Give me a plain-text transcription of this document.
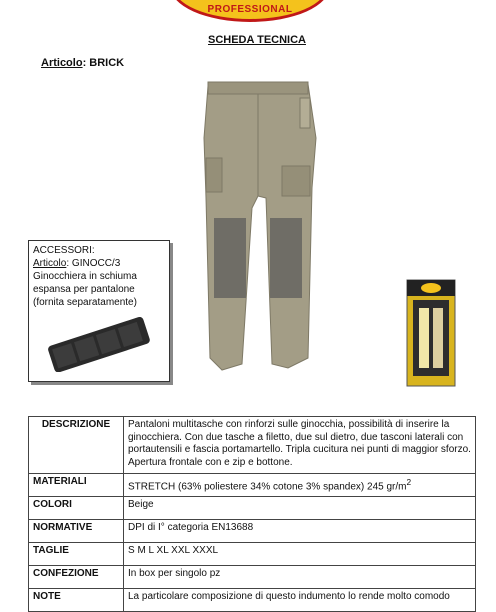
PROFESSIONAL
SCHEDA TECNICA
Articolo: BRICK
ACCESSORI:
Articolo: GINOCC/3
Ginocchiera in schiuma
espansa per pantalone
(fornita separatamente)
DESCRIZIONE	Pantaloni multitasche con rinforzi sulle ginocchia, possibilità di inserire la ginocchiera. Con due tasche a filetto, due sul dietro, due tasconi laterali con portautensili e fascia portamartello. Tripla cucitura nei punti di maggior sforzo. Apertura frontale con e zip e bottone.
MATERIALI	STRETCH (63% poliestere 34% cotone 3% spandex) 245 $gr/m^2$
COLORI	Beige
NORMATIVE	DPI di I° categoria EN13688
TAGLIE	S M L XL XXL XXXL
CONFEZIONE	In box per singolo pz
NOTE	La particolare composizione di questo indumento lo rende molto comodo
